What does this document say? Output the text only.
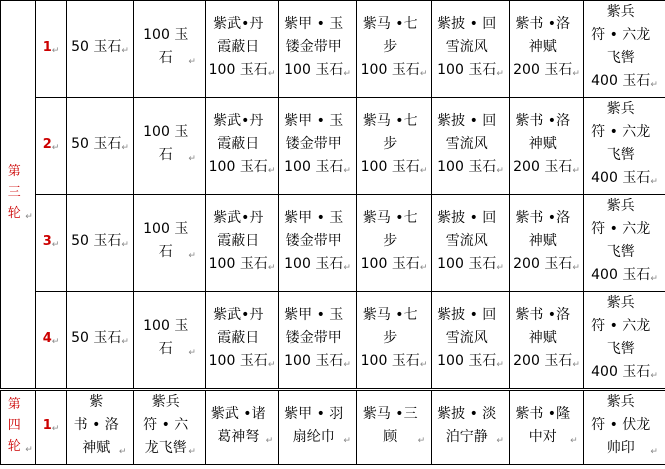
第
三
轮 ↵	1↵	50 玉石↵	100 玉
石 ↵	紫武•丹
霞蔽日
100 玉石↵	紫甲 • 玉
镂金带甲
100 玉石↵	紫马 •七
步
100 玉石↵	紫披 • 回
雪流风
100 玉石↵	紫书 •洛
神赋
200 玉石↵	紫兵
符 • 六龙
飞辔
400 玉石↵
	2↵	50 玉石↵	100 玉
石 ↵	紫武•丹
霞蔽日
100 玉石↵	紫甲 • 玉
镂金带甲
100 玉石↵	紫马 •七
步
100 玉石↵	紫披 • 回
雪流风
100 玉石↵	紫书 •洛
神赋
200 玉石↵	紫兵
符 • 六龙
飞辔
400 玉石↵
	3↵	50 玉石↵	100 玉
石 ↵	紫武•丹
霞蔽日
100 玉石↵	紫甲 • 玉
镂金带甲
100 玉石↵	紫马 •七
步
100 玉石↵	紫披 • 回
雪流风
100 玉石↵	紫书 •洛
神赋
200 玉石↵	紫兵
符 • 六龙
飞辔
400 玉石↵
	4↵	50 玉石↵	100 玉
石 ↵	紫武•丹
霞蔽日
100 玉石↵	紫甲 • 玉
镂金带甲
100 玉石↵	紫马 •七
步
100 玉石↵	紫披 • 回
雪流风
100 玉石↵	紫书 •洛
神赋
200 玉石↵	紫兵
符 • 六龙
飞辔
400 玉石↵
第四
轮 ↵	1↵	紫
书 • 洛
神赋 ↵	紫兵
符 • 六
龙飞辔 ↵	紫武 •诸
葛神弩 ↵	紫甲 • 羽
扇纶巾 ↵	紫马 •三
顾 ↵	紫披 • 淡
泊宁静 ↵	紫书 •隆
中对 ↵	紫兵
符 • 伏龙
帅印 ↵
